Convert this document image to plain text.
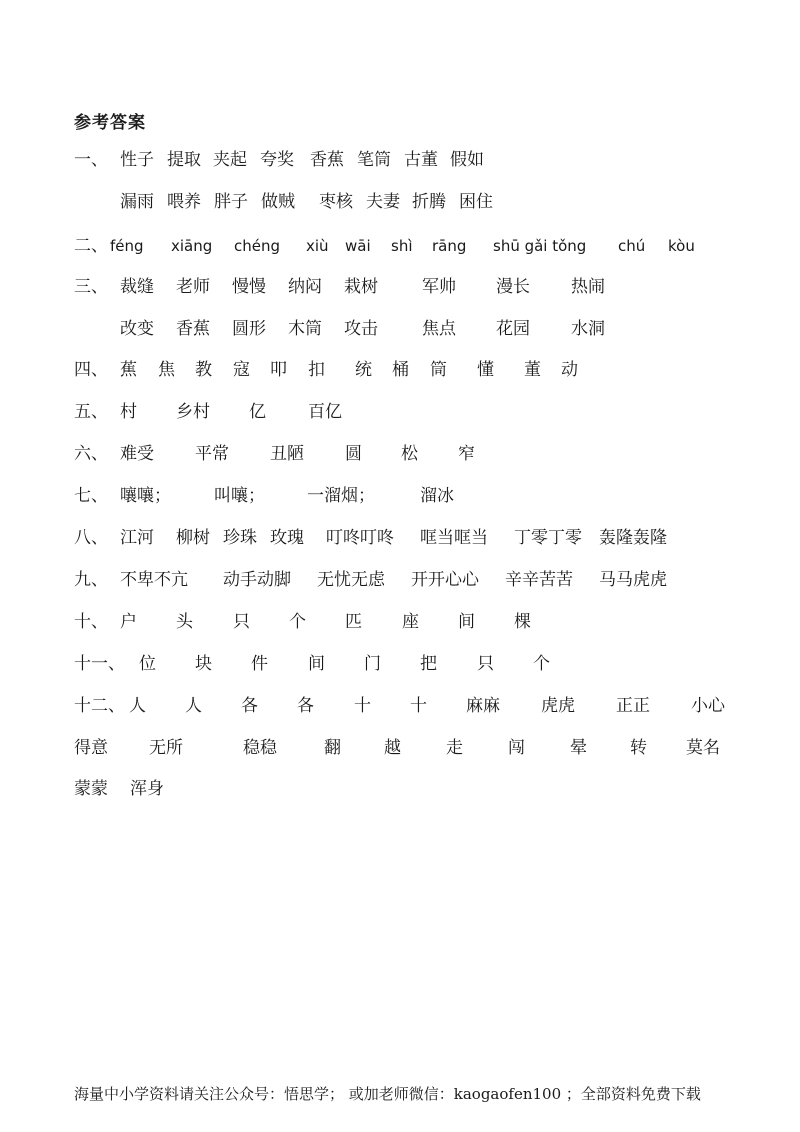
参考答案
一、 性子 提取 夹起 夸奖 香蕉 笔筒 古董 假如
漏雨 喂养 胖子 做贼 枣核 夫妻 折腾 困住
二、 féng xiāng chéng xiù wāi shì rāng shū gǎi tǒng chú kòu
三、 裁缝 老师 慢慢 纳闷 栽树	军帅 漫长 热闹
改变 香蕉 圆形 木筒 攻击	焦点 花园 水洞
四、 蕉 焦 教 寇 叩 扣 统 桶 筒 懂 董 动
五、 村 乡村 亿 百亿
六、 难受 平常 丑陋 圆 松 窄
七、 嚷嚷；	叫嚷； 一溜烟；	溜冰
八、 江河 柳树 珍珠 玫瑰 叮咚叮咚 哐当哐当 丁零丁零 轰隆轰隆
九、 不卑不亢 动手动脚 无忧无虑 开开心心 辛辛苦苦 马马虎虎
十、 户 头 只 个 匹 座 间 棵
十一、 位 块 件 间 门 把 只 个
十二、 人 人 各 各 十 十 麻麻 虎虎 正正 小心
得意 无所	稳稳	翻	越	走	闯	晕	转 莫名
蒙蒙 浑身
海量中小学资料请关注公众号：悟思学； 或加老师微信：kaogaofen100 ；全部资料免费下载
